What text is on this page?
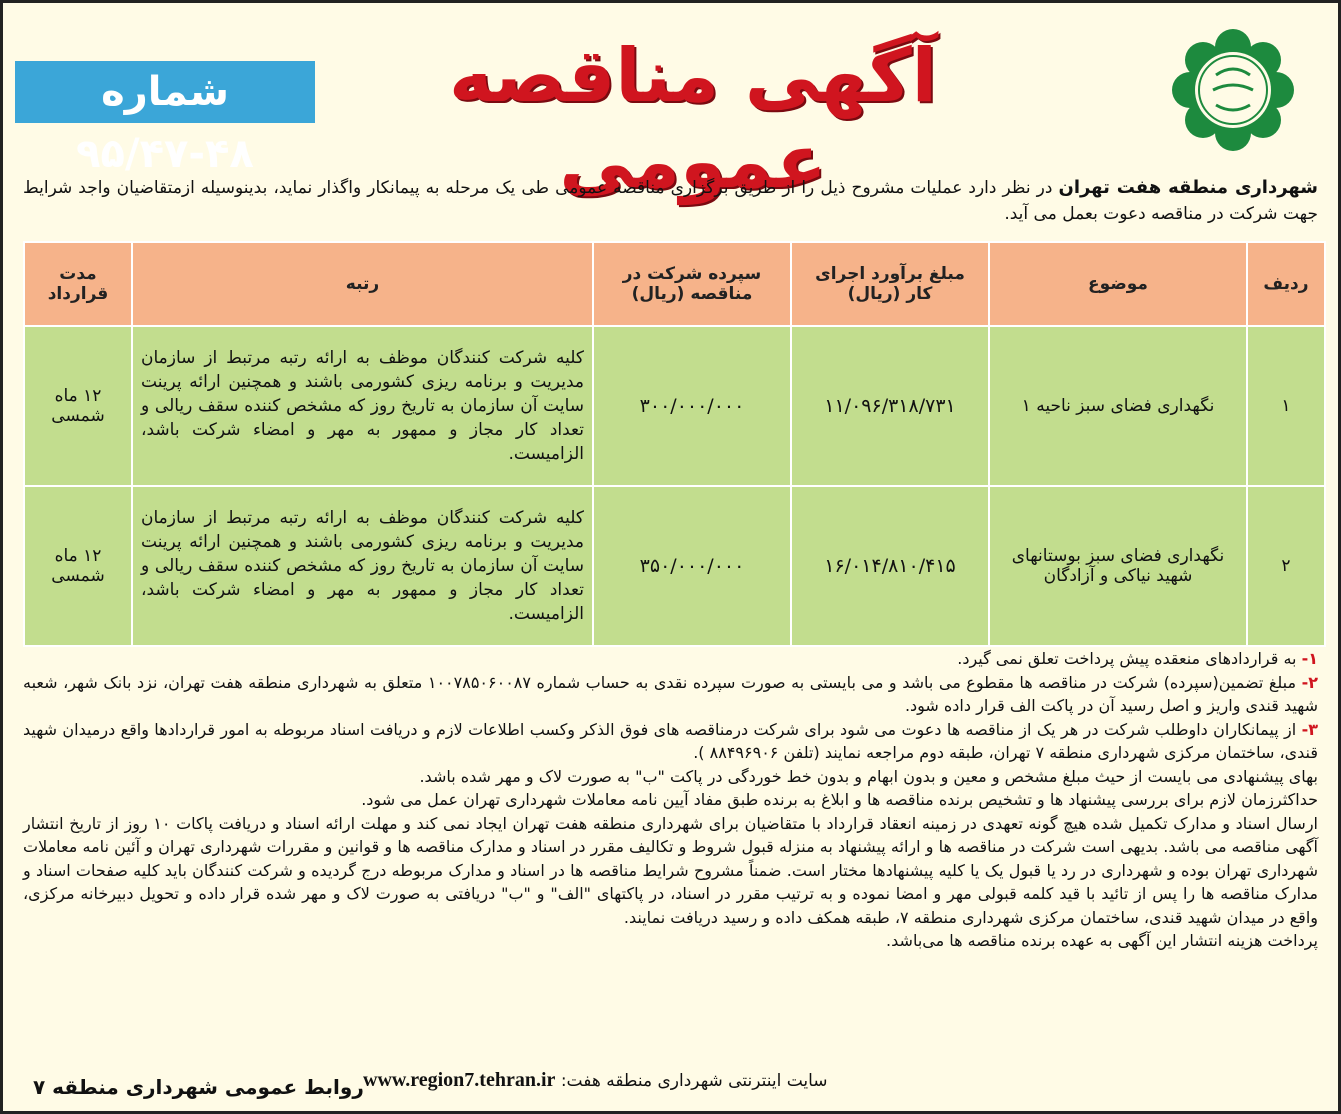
آگهی مناقصه عمومی
شماره ۴۸-۹۵/۴۷
شهرداری منطقه هفت تهران در نظر دارد عملیات مشروح ذیل را از طریق برگزاری مناقصه عمومی طی یک مرحله به پیمانکار واگذار نماید، بدینوسیله ازمتقاضیان واجد شرایط جهت شرکت در مناقصه دعوت بعمل می آید.
ردیف	موضوع	مبلغ برآورد اجرای کار (ریال)	سپرده شرکت در مناقصه (ریال)	رتبه	مدت قرارداد
۱	نگهداری فضای سبز ناحیه ۱	۱۱/۰۹۶/۳۱۸/۷۳۱	۳۰۰/۰۰۰/۰۰۰	کلیه شرکت کنندگان موظف به ارائه رتبه مرتبط از سازمان مدیریت و برنامه ریزی کشورمی باشند و همچنین ارائه پرینت سایت آن سازمان به تاریخ روز که مشخص کننده سقف ریالی و تعداد کار مجاز و ممهور به مهر و امضاء شرکت باشد، الزامیست.	۱۲ ماه شمسی
۲	نگهداری فضای سبز بوستانهای شهید نیاکی و آزادگان	۱۶/۰۱۴/۸۱۰/۴۱۵	۳۵۰/۰۰۰/۰۰۰	کلیه شرکت کنندگان موظف به ارائه رتبه مرتبط از سازمان مدیریت و برنامه ریزی کشورمی باشند و همچنین ارائه پرینت سایت آن سازمان به تاریخ روز که مشخص کننده سقف ریالی و تعداد کار مجاز و ممهور به مهر و امضاء شرکت باشد، الزامیست.	۱۲ ماه شمسی

۱- به قراردادهای منعقده پیش پرداخت تعلق نمی گیرد.

۲- مبلغ تضمین(سپرده) شرکت در مناقصه ها مقطوع می باشد و می بایستی به صورت سپرده نقدی به حساب شماره ۱۰۰۷۸۵۰۶۰۰۸۷ متعلق به شهرداری منطقه هفت تهران، نزد بانک شهر، شعبه شهید قندی واریز و اصل رسید آن در پاکت الف قرار داده شود.

۳- از پیمانکاران داوطلب شرکت در هر یک از مناقصه ها دعوت می شود برای شرکت درمناقصه های فوق الذکر وکسب اطلاعات لازم و دریافت اسناد مربوطه به امور قراردادها واقع درمیدان شهید قندی، ساختمان مرکزی شهرداری منطقه ۷ تهران، طبقه دوم مراجعه نمایند (تلفن ۸۸۴۹۶۹۰۶ ).

بهای پیشنهادی می بایست از حیث مبلغ مشخص و معین و بدون ابهام و بدون خط خوردگی در پاکت "ب" به صورت لاک و مهر شده باشد.

حداکثرزمان لازم برای بررسی پیشنهاد ها و تشخیص برنده مناقصه ها و ابلاغ به برنده طبق مفاد آیین نامه معاملات شهرداری تهران عمل می شود.

ارسال اسناد و مدارک تکمیل شده هیچ گونه تعهدی در زمینه انعقاد قرارداد با متقاضیان برای شهرداری منطقه هفت تهران ایجاد نمی کند و مهلت ارائه اسناد و دریافت پاکات ۱۰ روز از تاریخ انتشار آگهی مناقصه می باشد. بدیهی است شرکت در مناقصه ها و ارائه پیشنهاد به منزله قبول شروط و تکالیف مقرر در اسناد و مدارک مناقصه ها و قوانین و مقررات شهرداری تهران و آئین نامه معاملات شهرداری تهران بوده و شهرداری در رد یا قبول یک یا کلیه پیشنهادها مختار است. ضمناً مشروح شرایط مناقصه ها در اسناد و مدارک مربوطه درج گردیده و شرکت کنندگان باید کلیه صفحات اسناد و مدارک مناقصه ها را پس از تائید با قید کلمه قبولی مهر و امضا نموده و به ترتیب مقرر در اسناد، در پاکتهای "الف" و "ب" دریافتی به صورت لاک و مهر شده قرار داده و تحویل دبیرخانه مرکزی، واقع در میدان شهید قندی، ساختمان مرکزی شهرداری منطقه ۷، طبقه همکف داده و رسید دریافت نمایند.

پرداخت هزینه انتشار این آگهی به عهده برنده مناقصه ها می‌باشد.

سایت اینترنتی شهرداری منطقه هفت: www.region7.tehran.ir
روابط عمومی شهرداری منطقه ۷
